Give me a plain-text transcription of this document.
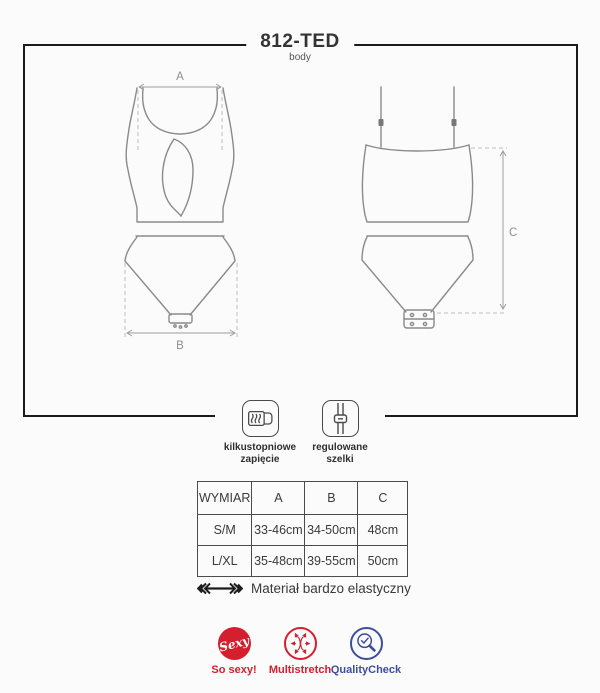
812-TED
body
A
B
C
kilkustopniowe
zapięcie
regulowane
szelki
WYMIAR	A	B	C
S/M	33-46cm	34-50cm	48cm
L/XL	35-48cm	39-55cm	50cm
Materiał bardzo elastyczny
Sexy
So sexy! Multistretch QualityCheck
